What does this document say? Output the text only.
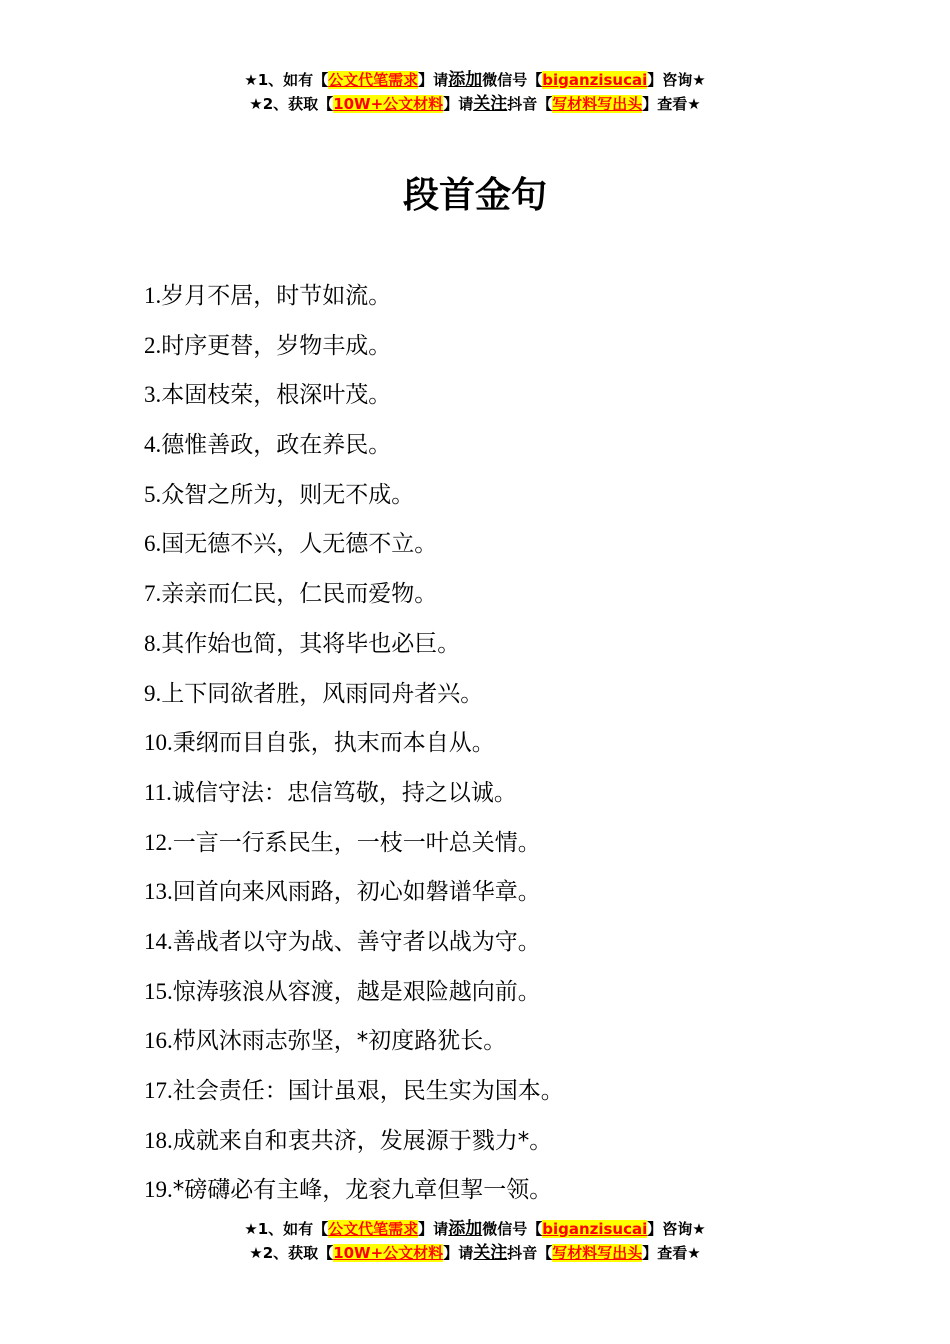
★1、如有【公文代笔需求】请添加微信号【biganzisucai】咨询★
★2、获取【10W+公文材料】请关注抖音【写材料写出头】查看★
段首金句
1. 岁月不居，时节如流。
2. 时序更替，岁物丰成。
3. 本固枝荣，根深叶茂。
4. 德惟善政，政在养民。
5. 众智之所为，则无不成。
6. 国无德不兴，人无德不立。
7. 亲亲而仁民，仁民而爱物。
8. 其作始也简，其将毕也必巨。
9. 上下同欲者胜，风雨同舟者兴。
10. 秉纲而目自张，执末而本自从。
11. 诚信守法：忠信笃敬，持之以诚。
12. 一言一行系民生，一枝一叶总关情。
13. 回首向来风雨路，初心如磐谱华章。
14. 善战者以守为战、善守者以战为守。
15. 惊涛骇浪从容渡，越是艰险越向前。
16. 栉风沐雨志弥坚，*初度路犹长。
17. 社会责任：国计虽艰，民生实为国本。
18. 成就来自和衷共济，发展源于戮力*。
19. *磅礴必有主峰，龙衮九章但挈一领。
★1、如有【公文代笔需求】请添加微信号【biganzisucai】咨询★
★2、获取【10W+公文材料】请关注抖音【写材料写出头】查看★
